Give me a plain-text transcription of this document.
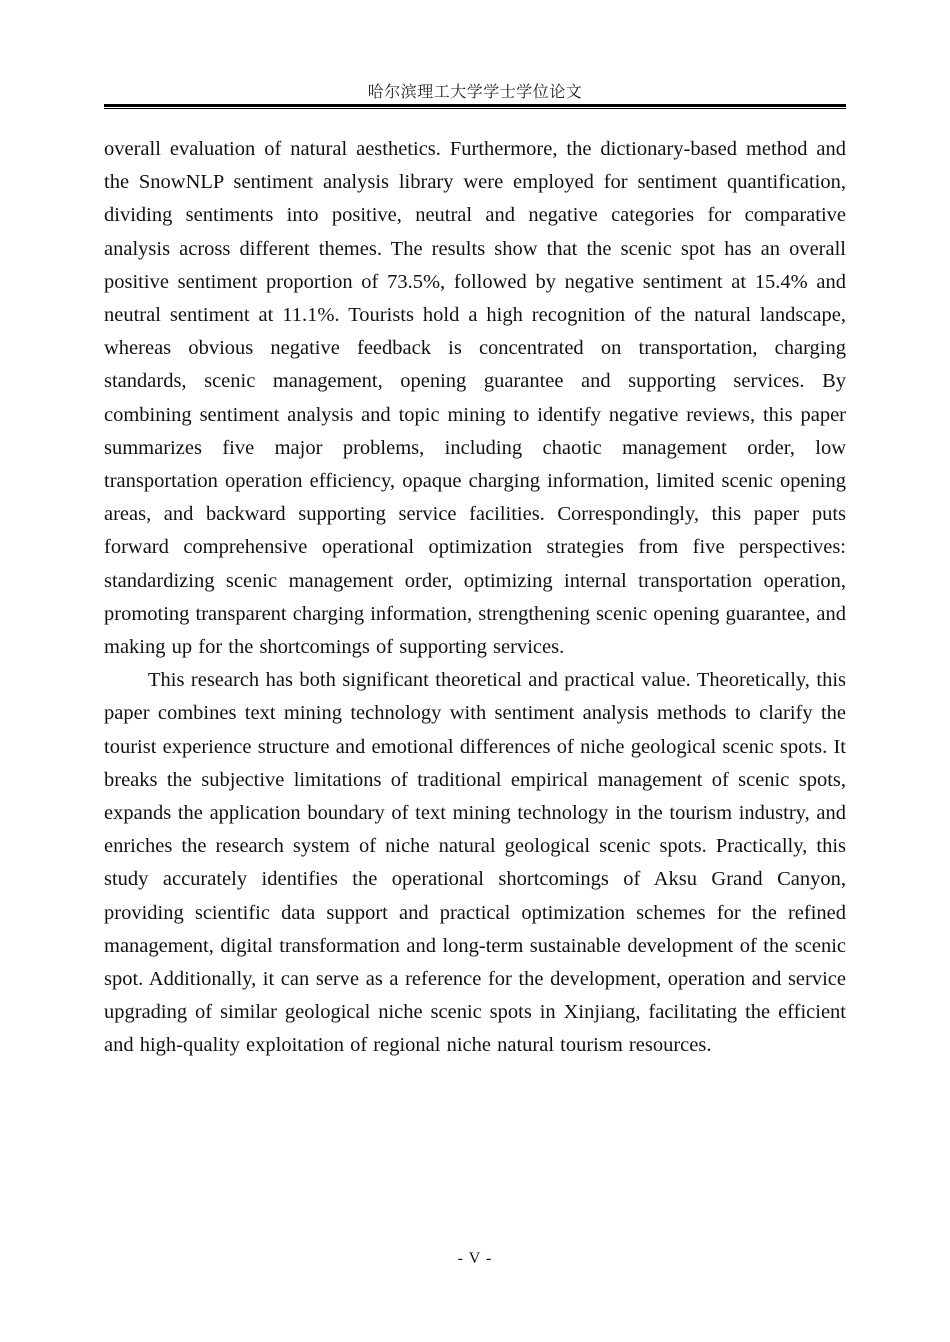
哈尔滨理工大学学士学位论文

overall evaluation of natural aesthetics. Furthermore, the dictionary-based method and the SnowNLP sentiment analysis library were employed for sentiment quantification, dividing sentiments into positive, neutral and negative categories for comparative analysis across different themes. The results show that the scenic spot has an overall positive sentiment proportion of 73.5%, followed by negative sentiment at 15.4% and neutral sentiment at 11.1%. Tourists hold a high recognition of the natural landscape, whereas obvious negative feedback is concentrated on transportation, charging standards, scenic management, opening guarantee and supporting services. By combining sentiment analysis and topic mining to identify negative reviews, this paper summarizes five major problems, including chaotic management order, low transportation operation efficiency, opaque charging information, limited scenic opening areas, and backward supporting service facilities. Correspondingly, this paper puts forward comprehensive operational optimization strategies from five perspectives: standardizing scenic management order, optimizing internal transportation operation, promoting transparent charging information, strengthening scenic opening guarantee, and making up for the shortcomings of supporting services.

This research has both significant theoretical and practical value. Theoretically, this paper combines text mining technology with sentiment analysis methods to clarify the tourist experience structure and emotional differences of niche geological scenic spots. It breaks the subjective limitations of traditional empirical management of scenic spots, expands the application boundary of text mining technology in the tourism industry, and enriches the research system of niche natural geological scenic spots. Practically, this study accurately identifies the operational shortcomings of Aksu Grand Canyon, providing scientific data support and practical optimization schemes for the refined management, digital transformation and long-term sustainable development of the scenic spot. Additionally, it can serve as a reference for the development, operation and service upgrading of similar geological niche scenic spots in Xinjiang, facilitating the efficient and high-quality exploitation of regional niche natural tourism resources.

- V -
